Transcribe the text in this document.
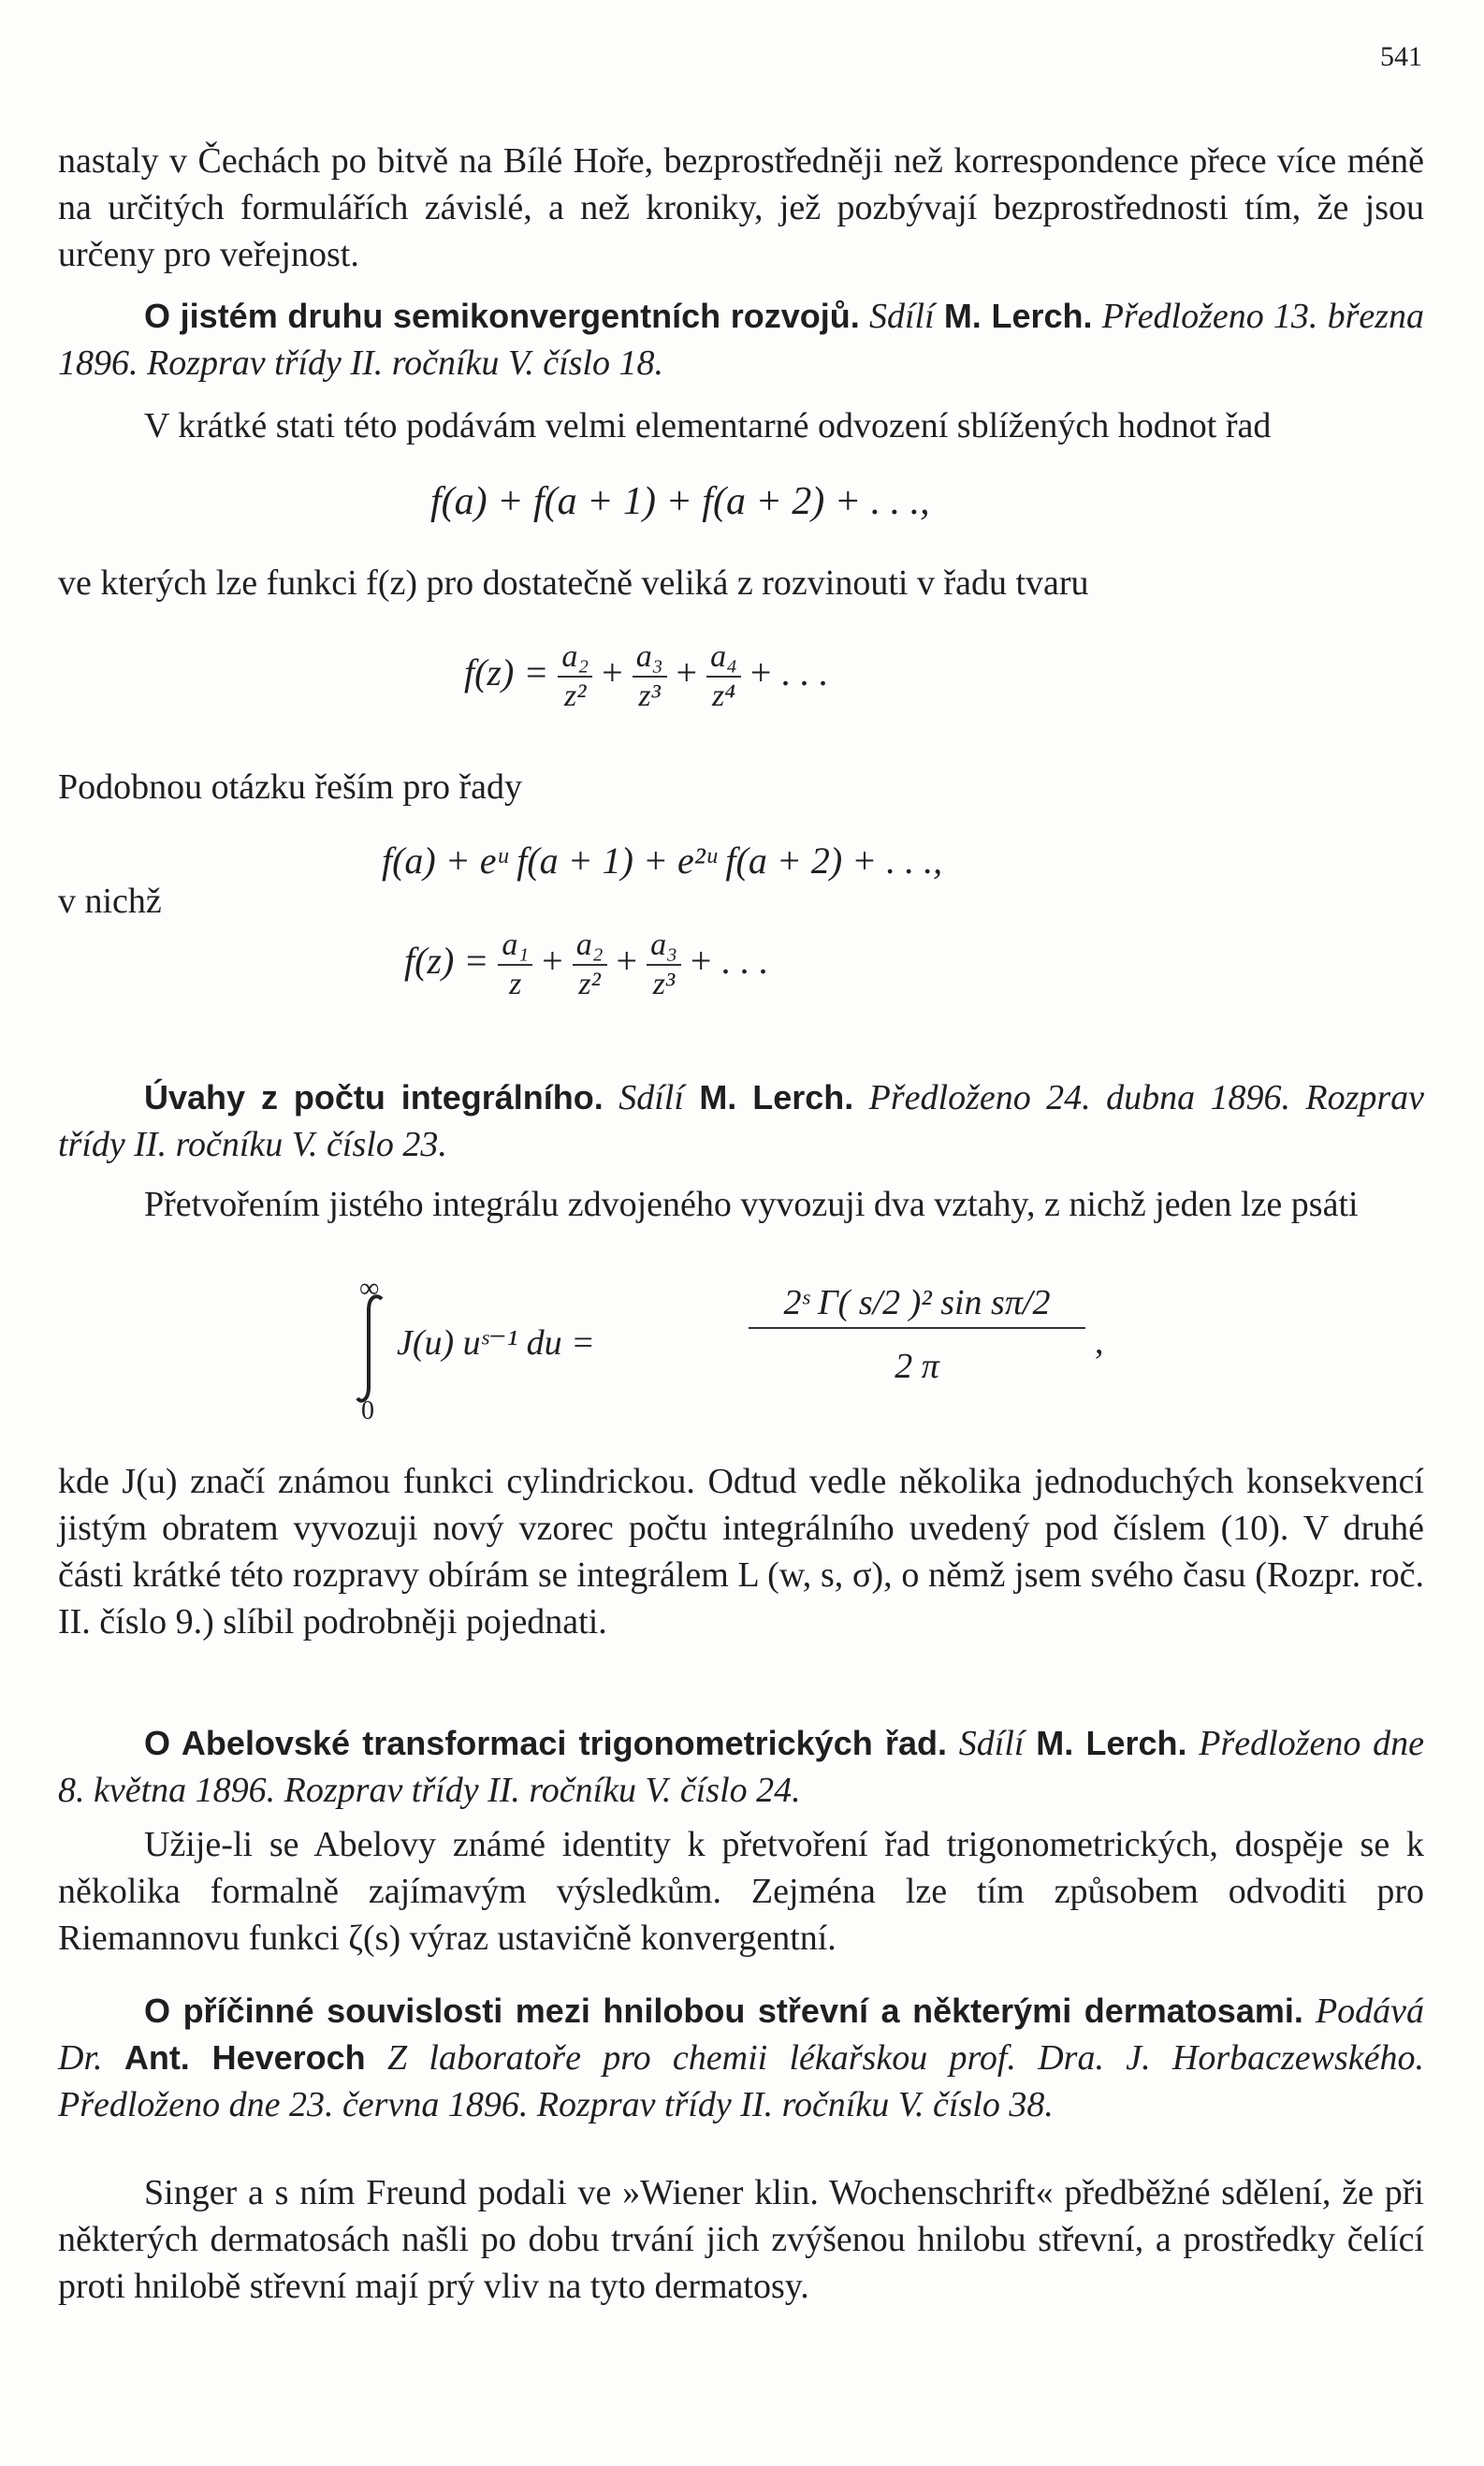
541
nastaly v Čechách po bitvě na Bílé Hoře, bezprostředněji než korrespondence přece více méně na určitých formulářích závislé, a než kroniky, jež pozbývají bezprostřednosti tím, že jsou určeny pro veřejnost.
O jistém druhu semikonvergentních rozvojů. Sdílí M. Lerch. Předloženo 13. března 1896. Rozprav třídy II. ročníku V. číslo 18.
V krátké stati této podávám velmi elementarné odvození sblížených hodnot řad
f(a) + f(a + 1) + f(a + 2) + . . .,
ve kterých lze funkci f(z) pro dostatečně veliká z rozvinouti v řadu tvaru
$f(z) = \frac{\text{a₂}}{\text{z²}} + \frac{\text{a₃}}{\text{z³}} + \frac{\text{a₄}}{\text{z⁴}}$ + . . .
Podobnou otázku řeším pro řady
f(a) + eᵘ f(a + 1) + e²ᵘ f(a + 2) + . . .,
v nichž
$f(z) = \frac{\text{a₁}}{z} + \frac{\text{a₂}}{\text{z²}} + \frac{\text{a₃}}{\text{z³}}$ + . . .
Úvahy z počtu integrálního. Sdílí M. Lerch. Předloženo 24. dubna 1896. Rozprav třídy II. ročníku V. číslo 23.
Přetvořením jistého integrálu zdvojeného vyvozuji dva vztahy, z nichž jeden lze psáti
∞
0
J(u) uˢ⁻¹ du =
2ˢ Γ( s/2 )² sin sπ/2
2 π
,
kde J(u) značí známou funkci cylindrickou. Odtud vedle několika jednoduchých konsekvencí jistým obratem vyvozuji nový vzorec počtu integrálního uvedený pod číslem (10). V druhé části krátké této rozpravy obírám se integrálem L (w, s, σ), o němž jsem svého času (Rozpr. roč. II. číslo 9.) slíbil podrobněji pojednati.
O Abelovské transformaci trigonometrických řad. Sdílí M. Lerch. Předloženo dne 8. května 1896. Rozprav třídy II. ročníku V. číslo 24.
Užije-li se Abelovy známé identity k přetvoření řad trigonometrických, dospěje se k několika formalně zajímavým výsledkům. Zejména lze tím způsobem odvoditi pro Riemannovu funkci ζ(s) výraz ustavičně konvergentní.
O příčinné souvislosti mezi hnilobou střevní a některými dermatosami. Podává Dr. Ant. Heveroch Z laboratoře pro chemii lékařskou prof. Dra. J. Horbaczewského. Předloženo dne 23. června 1896. Rozprav třídy II. ročníku V. číslo 38.
Singer a s ním Freund podali ve »Wiener klin. Wochenschrift« předběžné sdělení, že při některých dermatosách našli po dobu trvání jich zvýšenou hnilobu střevní, a prostředky čelící proti hnilobě střevní mají prý vliv na tyto dermatosy.
